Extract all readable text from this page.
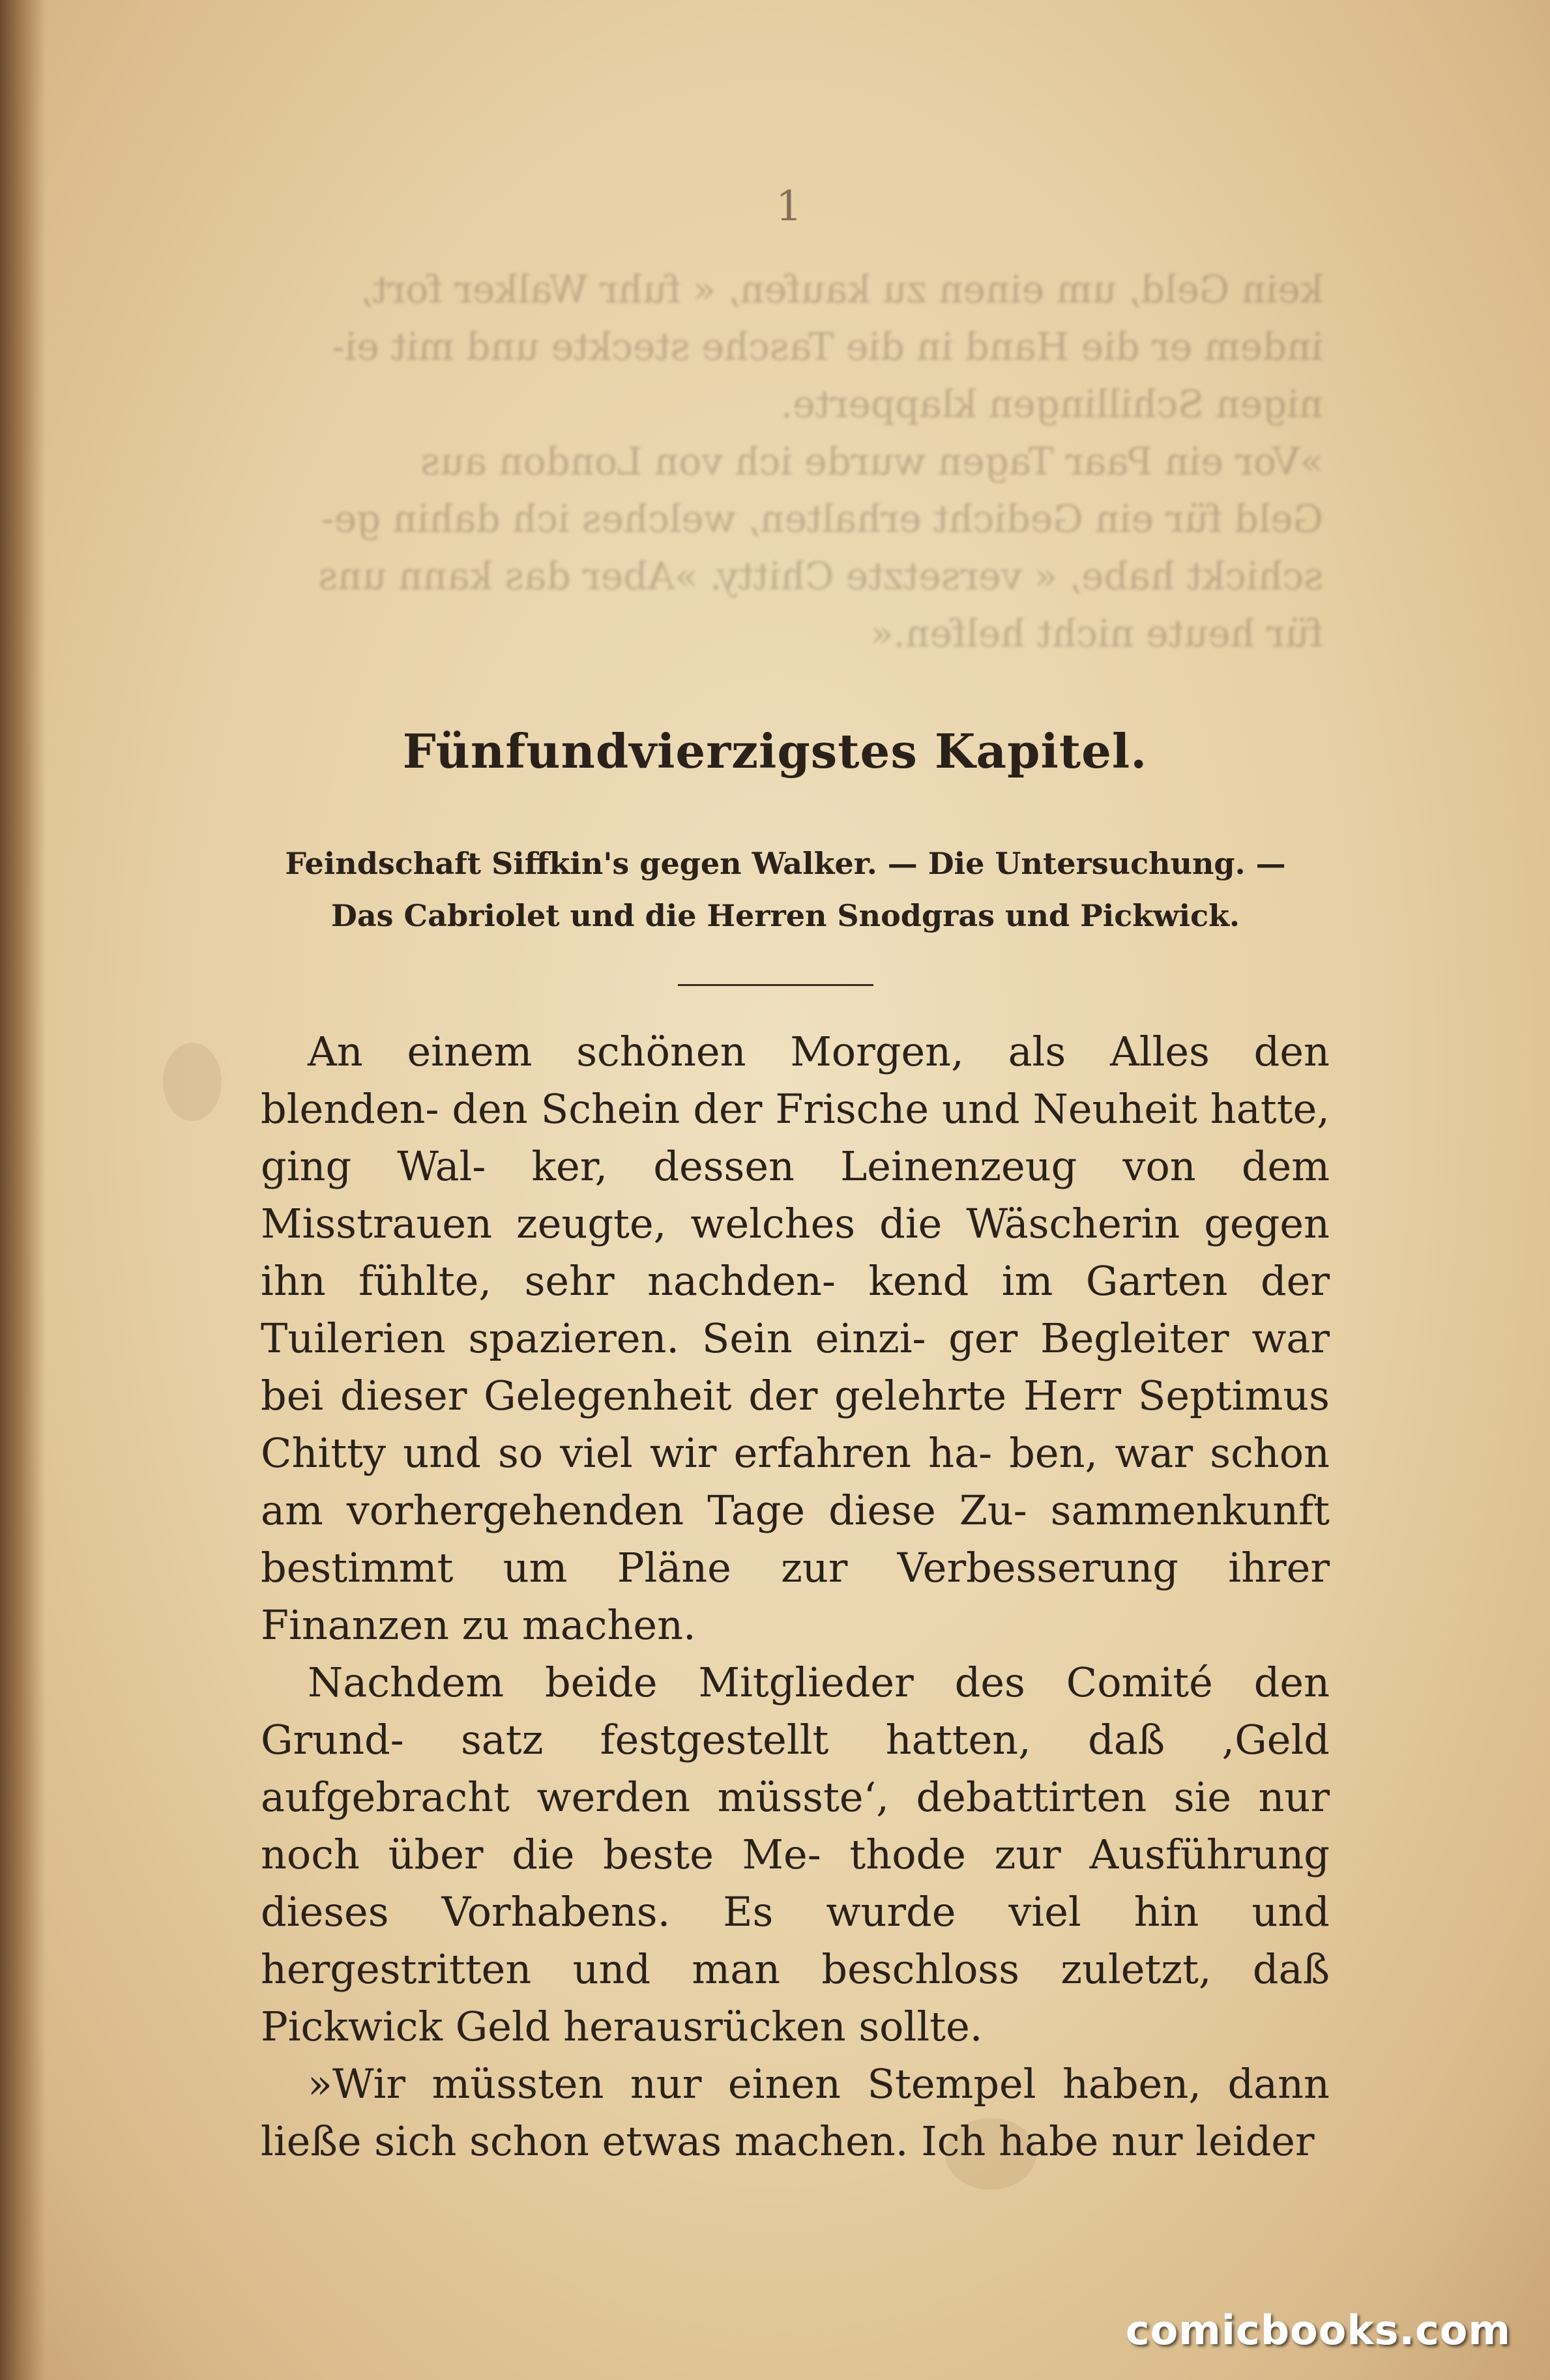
1
kein Geld, um einen zu kaufen, « fuhr Walker fort,
indem er die Hand in die Tasche steckte und mit ei-
nigen Schillingen klapperte.
»Vor ein Paar Tagen wurde ich von London aus
Geld für ein Gedicht erhalten, welches ich dahin ge-
schickt habe, « versetzte Chitty. »Aber das kann uns
für heute nicht helfen.«
Fünfundvierzigstes Kapitel.
Feindschaft Siffkin's gegen Walker. — Die Untersuchung. —
Das Cabriolet und die Herren Snodgras und Pickwick.

An einem schönen Morgen, als Alles den blenden- den Schein der Frische und Neuheit hatte, ging Wal- ker, dessen Leinenzeug von dem Misstrauen zeugte, welches die Wäscherin gegen ihn fühlte, sehr nachden- kend im Garten der Tuilerien spazieren. Sein einzi- ger Begleiter war bei dieser Gelegenheit der gelehrte Herr Septimus Chitty und so viel wir erfahren ha- ben, war schon am vorhergehenden Tage diese Zu- sammenkunft bestimmt um Pläne zur Verbesserung ihrer Finanzen zu machen.

Nachdem beide Mitglieder des Comité den Grund- satz festgestellt hatten, daß ,Geld aufgebracht werden müsste‘, debattirten sie nur noch über die beste Me- thode zur Ausführung dieses Vorhabens. Es wurde viel hin und hergestritten und man beschloss zuletzt, daß Pickwick Geld herausrücken sollte.

»Wir müssten nur einen Stempel haben, dann ließe sich schon etwas machen. Ich habe nur leider

comicbooks.com
